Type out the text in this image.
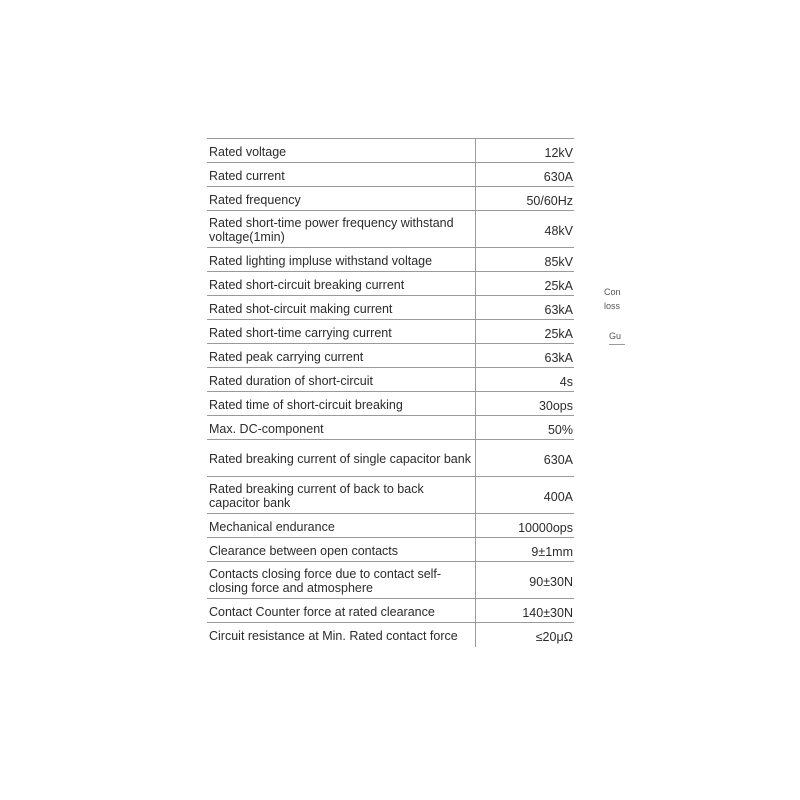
Rated voltage	12kV
Rated current	630A
Rated frequency	50/60Hz
Rated short-time power frequency withstand voltage(1min)	48kV
Rated lighting impluse withstand voltage	85kV
Rated short-circuit breaking current	25kA
Rated shot-circuit making current	63kA
Rated short-time carrying current	25kA
Rated peak carrying current	63kA
Rated duration of short-circuit	4s
Rated time of short-circuit breaking	30ops
Max. DC-component	50%
Rated breaking current of single capacitor bank	630A
Rated breaking current of back to back capacitor bank	400A
Mechanical endurance	10000ops
Clearance between open contacts	9±1mm
Contacts closing force due to contact self-closing force and atmosphere	90±30N
Contact Counter force at rated clearance	140±30N
Circuit resistance at Min. Rated contact force	≤20μΩ
Con
loss
Gu
